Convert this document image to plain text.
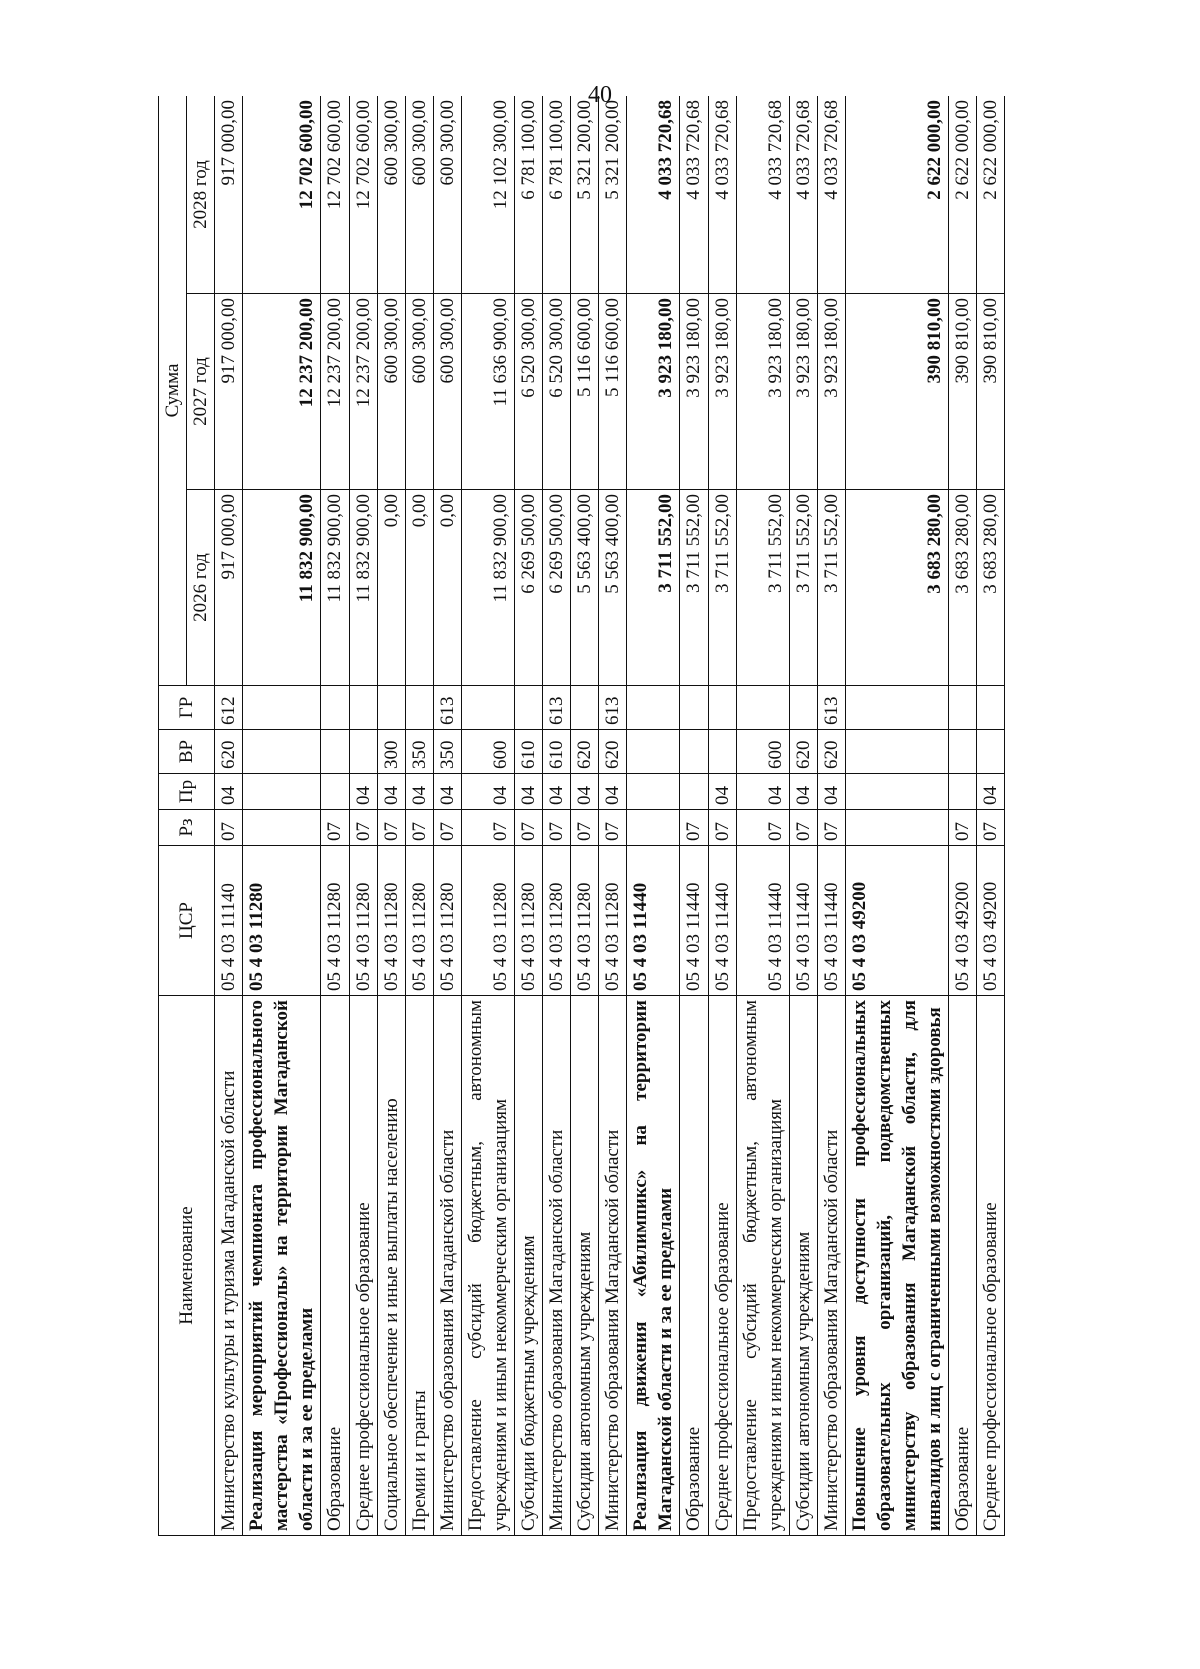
40
Наименование	ЦСР	Рз	Пр	ВР	ГР	Сумма		
						2026 год	2027 год	2028 год
Министерство культуры и туризма Магаданской области	05 4 03 11140	07	04	620	612	917 000,00	917 000,00	917 000,00
Реализация мероприятий чемпионата профессионального мастерства «Профессионалы» на территории Магаданской области и за ее пределами	05 4 03 11280					11 832 900,00	12 237 200,00	12 702 600,00
Образование	05 4 03 11280	07				11 832 900,00	12 237 200,00	12 702 600,00
Среднее профессиональное образование	05 4 03 11280	07	04			11 832 900,00	12 237 200,00	12 702 600,00
Социальное обеспечение и иные выплаты населению	05 4 03 11280	07	04	300		0,00	600 300,00	600 300,00
Премии и гранты	05 4 03 11280	07	04	350		0,00	600 300,00	600 300,00
Министерство образования Магаданской области	05 4 03 11280	07	04	350	613	0,00	600 300,00	600 300,00
Предоставление субсидий бюджетным, автономным учреждениям и иным некоммерческим организациям	05 4 03 11280	07	04	600		11 832 900,00	11 636 900,00	12 102 300,00
Субсидии бюджетным учреждениям	05 4 03 11280	07	04	610		6 269 500,00	6 520 300,00	6 781 100,00
Министерство образования Магаданской области	05 4 03 11280	07	04	610	613	6 269 500,00	6 520 300,00	6 781 100,00
Субсидии автономным учреждениям	05 4 03 11280	07	04	620		5 563 400,00	5 116 600,00	5 321 200,00
Министерство образования Магаданской области	05 4 03 11280	07	04	620	613	5 563 400,00	5 116 600,00	5 321 200,00
Реализация движения «Абилимпикс» на территории Магаданской области и за ее пределами	05 4 03 11440					3 711 552,00	3 923 180,00	4 033 720,68
Образование	05 4 03 11440	07				3 711 552,00	3 923 180,00	4 033 720,68
Среднее профессиональное образование	05 4 03 11440	07	04			3 711 552,00	3 923 180,00	4 033 720,68
Предоставление субсидий бюджетным, автономным учреждениям и иным некоммерческим организациям	05 4 03 11440	07	04	600		3 711 552,00	3 923 180,00	4 033 720,68
Субсидии автономным учреждениям	05 4 03 11440	07	04	620		3 711 552,00	3 923 180,00	4 033 720,68
Министерство образования Магаданской области	05 4 03 11440	07	04	620	613	3 711 552,00	3 923 180,00	4 033 720,68
Повышение уровня доступности профессиональных образовательных организаций, подведомственных министерству образования Магаданской области, для инвалидов и лиц с ограниченными возможностями здоровья	05 4 03 49200					3 683 280,00	390 810,00	2 622 000,00
Образование	05 4 03 49200	07				3 683 280,00	390 810,00	2 622 000,00
Среднее профессиональное образование	05 4 03 49200	07	04			3 683 280,00	390 810,00	2 622 000,00
